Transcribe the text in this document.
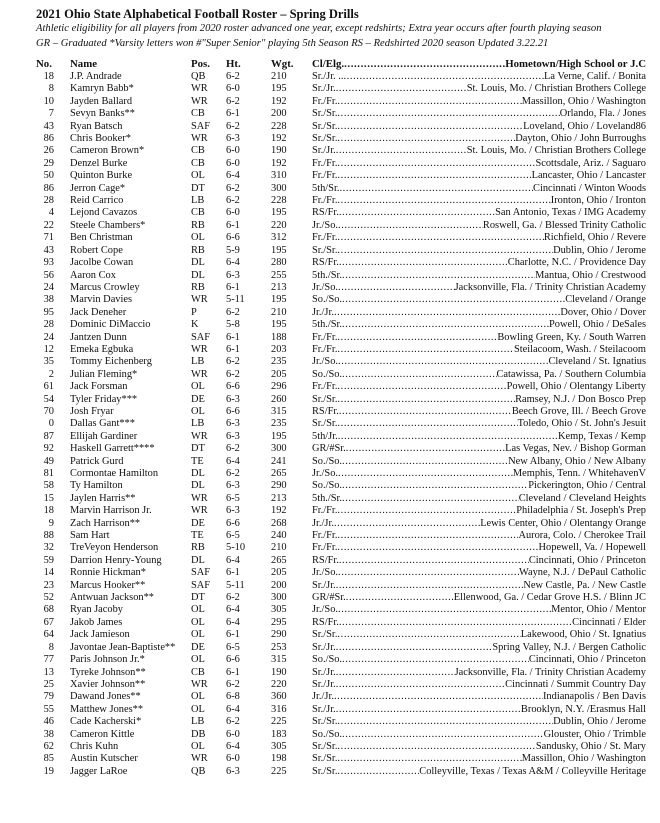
2021 Ohio State Alphabetical Football Roster – Spring Drills
Athletic eligibility for all players from 2020 roster advanced one year, except redshirts; Extra year occurs after fourth playing season
GR – Graduated *Varsity letters won #"Super Senior" playing 5th Season RS – Redshirted 2020 season Updated 3.22.21
No. Name	Pos. Ht.	Wgt. Cl/Elg. .....	Hometown/High School or J.C
18 J.P. Andrade	QB 6-2	210 Sr./Jr. .. .....	La Verne, Calif. / Bonita
8 Kamryn Babb*	WR 6-0	195 Sr./Jr. .....	St. Louis, Mo. / Christian Brothers College
10 Jayden Ballard	WR 6-2	192 Fr./Fr. .....	Massillon, Ohio / Washington
7 Sevyn Banks**	CB 6-1	200 Sr./Sr. .....	Orlando, Fla. / Jones
43 Ryan Batsch	SAF 6-2	228 Sr./Sr. .....	Loveland, Ohio / Loveland86
86 Chris Booker*	WR 6-3	192 Sr./Sr. .....	Dayton, Ohio / John Burroughs
26 Cameron Brown*	CB 6-0	190 Sr./Jr. .....	St. Louis, Mo. / Christian Brothers College
29 Denzel Burke	CB 6-0	192 Fr./Fr. .....	Scottsdale, Ariz. / Saguaro
50 Quinton Burke	OL 6-4	310 Fr./Fr. .....	Lancaster, Ohio / Lancaster
86 Jerron Cage*	DT 6-2	300 5th/Sr. .....	Cincinnati / Winton Woods
28 Reid Carrico	LB 6-2	228 Fr./Fr. .....	Ironton, Ohio / Ironton
4 Lejond Cavazos	CB 6-0	195 RS/Fr. .....	San Antonio, Texas / IMG Academy
22 Steele Chambers*	RB 6-1	220 Jr./So. .....	Roswell, Ga. / Blessed Trinity Catholic
71 Ben Christman	OL 6-6	312 Fr./Fr. .....	Richfield, Ohio / Revere
43 Robert Cope	RB 5-9	195 Sr./Sr. .....	Dublin, Ohio / Jerome
93 Jacolbe Cowan	DL 6-4	280 RS/Fr. .....	Charlotte, N.C. / Providence Day
56 Aaron Cox	DL 6-3	255 5th./Sr. .....	Mantua, Ohio / Crestwood
24 Marcus Crowley	RB 6-1	213 Jr./So. .....	Jacksonville, Fla. / Trinity Christian Academy
38 Marvin Davies	WR 5-11	195 So./So. .....	Cleveland / Orange
95 Jack Deneher	P	6-2	210 Jr./Jr. .....	Dover, Ohio / Dover
28 Dominic DiMaccio	K	5-8	195 5th./Sr. .....	Powell, Ohio / DeSales
24 Jantzen Dunn	SAF 6-1	188 Fr./Fr. .....	Bowling Green, Ky. / South Warren
12 Emeka Egbuka	WR 6-1	203 Fr./Fr. .....	Steilacoom, Wash. / Steilacoom
35 Tommy Eichenberg	LB 6-2	235 Jr./So. .....	Cleveland / St. Ignatius
2 Julian Fleming*	WR 6-2	205 So./So. .....	Catawissa, Pa. / Southern Columbia
61 Jack Forsman	OL 6-6	296 Fr./Fr. .....	Powell, Ohio / Olentangy Liberty
54 Tyler Friday***	DE 6-3	260 Sr./Sr. .....	Ramsey, N.J. / Don Bosco Prep
70 Josh Fryar	OL 6-6	315 RS/Fr. .....	Beech Grove, Ill. / Beech Grove
0 Dallas Gant***	LB 6-3	235 Sr./Sr. .....	Toledo, Ohio / St. John's Jesuit
87 Ellijah Gardiner	WR 6-3	195 5th/Jr. .....	Kemp, Texas / Kemp
92 Haskell Garrett****	DT 6-2	300 GR/#Sr. .....	Las Vegas, Nev. / Bishop Gorman
49 Patrick Gurd	TE 6-4	241 So./So. .....	New Albany, Ohio / New Albany
81 Cormontae Hamilton	DL 6-2	265 Jr./So. .....	Memphis, Tenn. / WhitehavenV
58 Ty Hamilton	DL 6-3	290 So./So. .....	Pickerington, Ohio / Central
15 Jaylen Harris**	WR 6-5	213 5th./Sr. .....	Cleveland / Cleveland Heights
18 Marvin Harrison Jr.	WR 6-3	192 Fr./Fr. .....	Philadelphia / St. Joseph's Prep
9 Zach Harrison**	DE 6-6	268 Jr./Jr. .....	Lewis Center, Ohio / Olentangy Orange
88 Sam Hart	TE 6-5	240 Fr./Fr. .....	Aurora, Colo. / Cherokee Trail
32 TreVeyon Henderson	RB 5-10 210 Fr./Fr. .....	Hopewell, Va. / Hopewell
59 Darrion Henry-Young	DL 6-4	265 RS/Fr. .....	Cincinnati, Ohio / Princeton
14 Ronnie Hickman*	SAF 6-1	205 Jr./So. .....	Wayne, N.J. / DePaul Catholic
23 Marcus Hooker**	SAF 5-11	200 Sr./Jr. .....	New Castle, Pa. / New Castle
52 Antwuan Jackson**	DT 6-2	300 GR/#Sr. .....	Ellenwood, Ga. / Cedar Grove H.S. / Blinn JC
68 Ryan Jacoby	OL 6-4	305 Jr./So. .....	Mentor, Ohio / Mentor
67 Jakob James	OL 6-4	295 RS/Fr. .....	Cincinnati / Elder
64 Jack Jamieson	OL 6-1	290 Sr./Sr. .....	Lakewood, Ohio / St. Ignatius
8 Javontae Jean-Baptiste** DE 6-5	253 Sr./Jr. .....	Spring Valley, N.J. / Bergen Catholic
77 Paris Johnson Jr.*	OL 6-6	315 So./So. .....	Cincinnati, Ohio / Princeton
13 Tyreke Johnson**	CB 6-1	190 Sr./Jr. .....	Jacksonville, Fla. / Trinity Christian Academy
25 Xavier Johnson**	WR 6-2	220 Sr./Jr. .....	Cincinnati / Summit Country Day
79 Dawand Jones**	OL 6-8	360 Jr./Jr. .....	Indianapolis / Ben Davis
55 Matthew Jones**	OL 6-4	316 Sr./Jr. .....	Brooklyn, N.Y. /Erasmus Hall
46 Cade Kacherski*	LB 6-2	225 Sr./Sr. .....	Dublin, Ohio / Jerome
38 Cameron Kittle	DB 6-0	183 So./So. .....	Glouster, Ohio / Trimble
62 Chris Kuhn	OL 6-4	305 Sr./Sr. .....	Sandusky, Ohio / St. Mary
85 Austin Kutscher	WR 6-0	198 Sr./Sr. .....	Massillon, Ohio / Washington
19 Jagger LaRoe	QB 6-3	225 Sr./Sr. .....	Colleyville, Texas / Texas A&M / Colleyville Heritage
